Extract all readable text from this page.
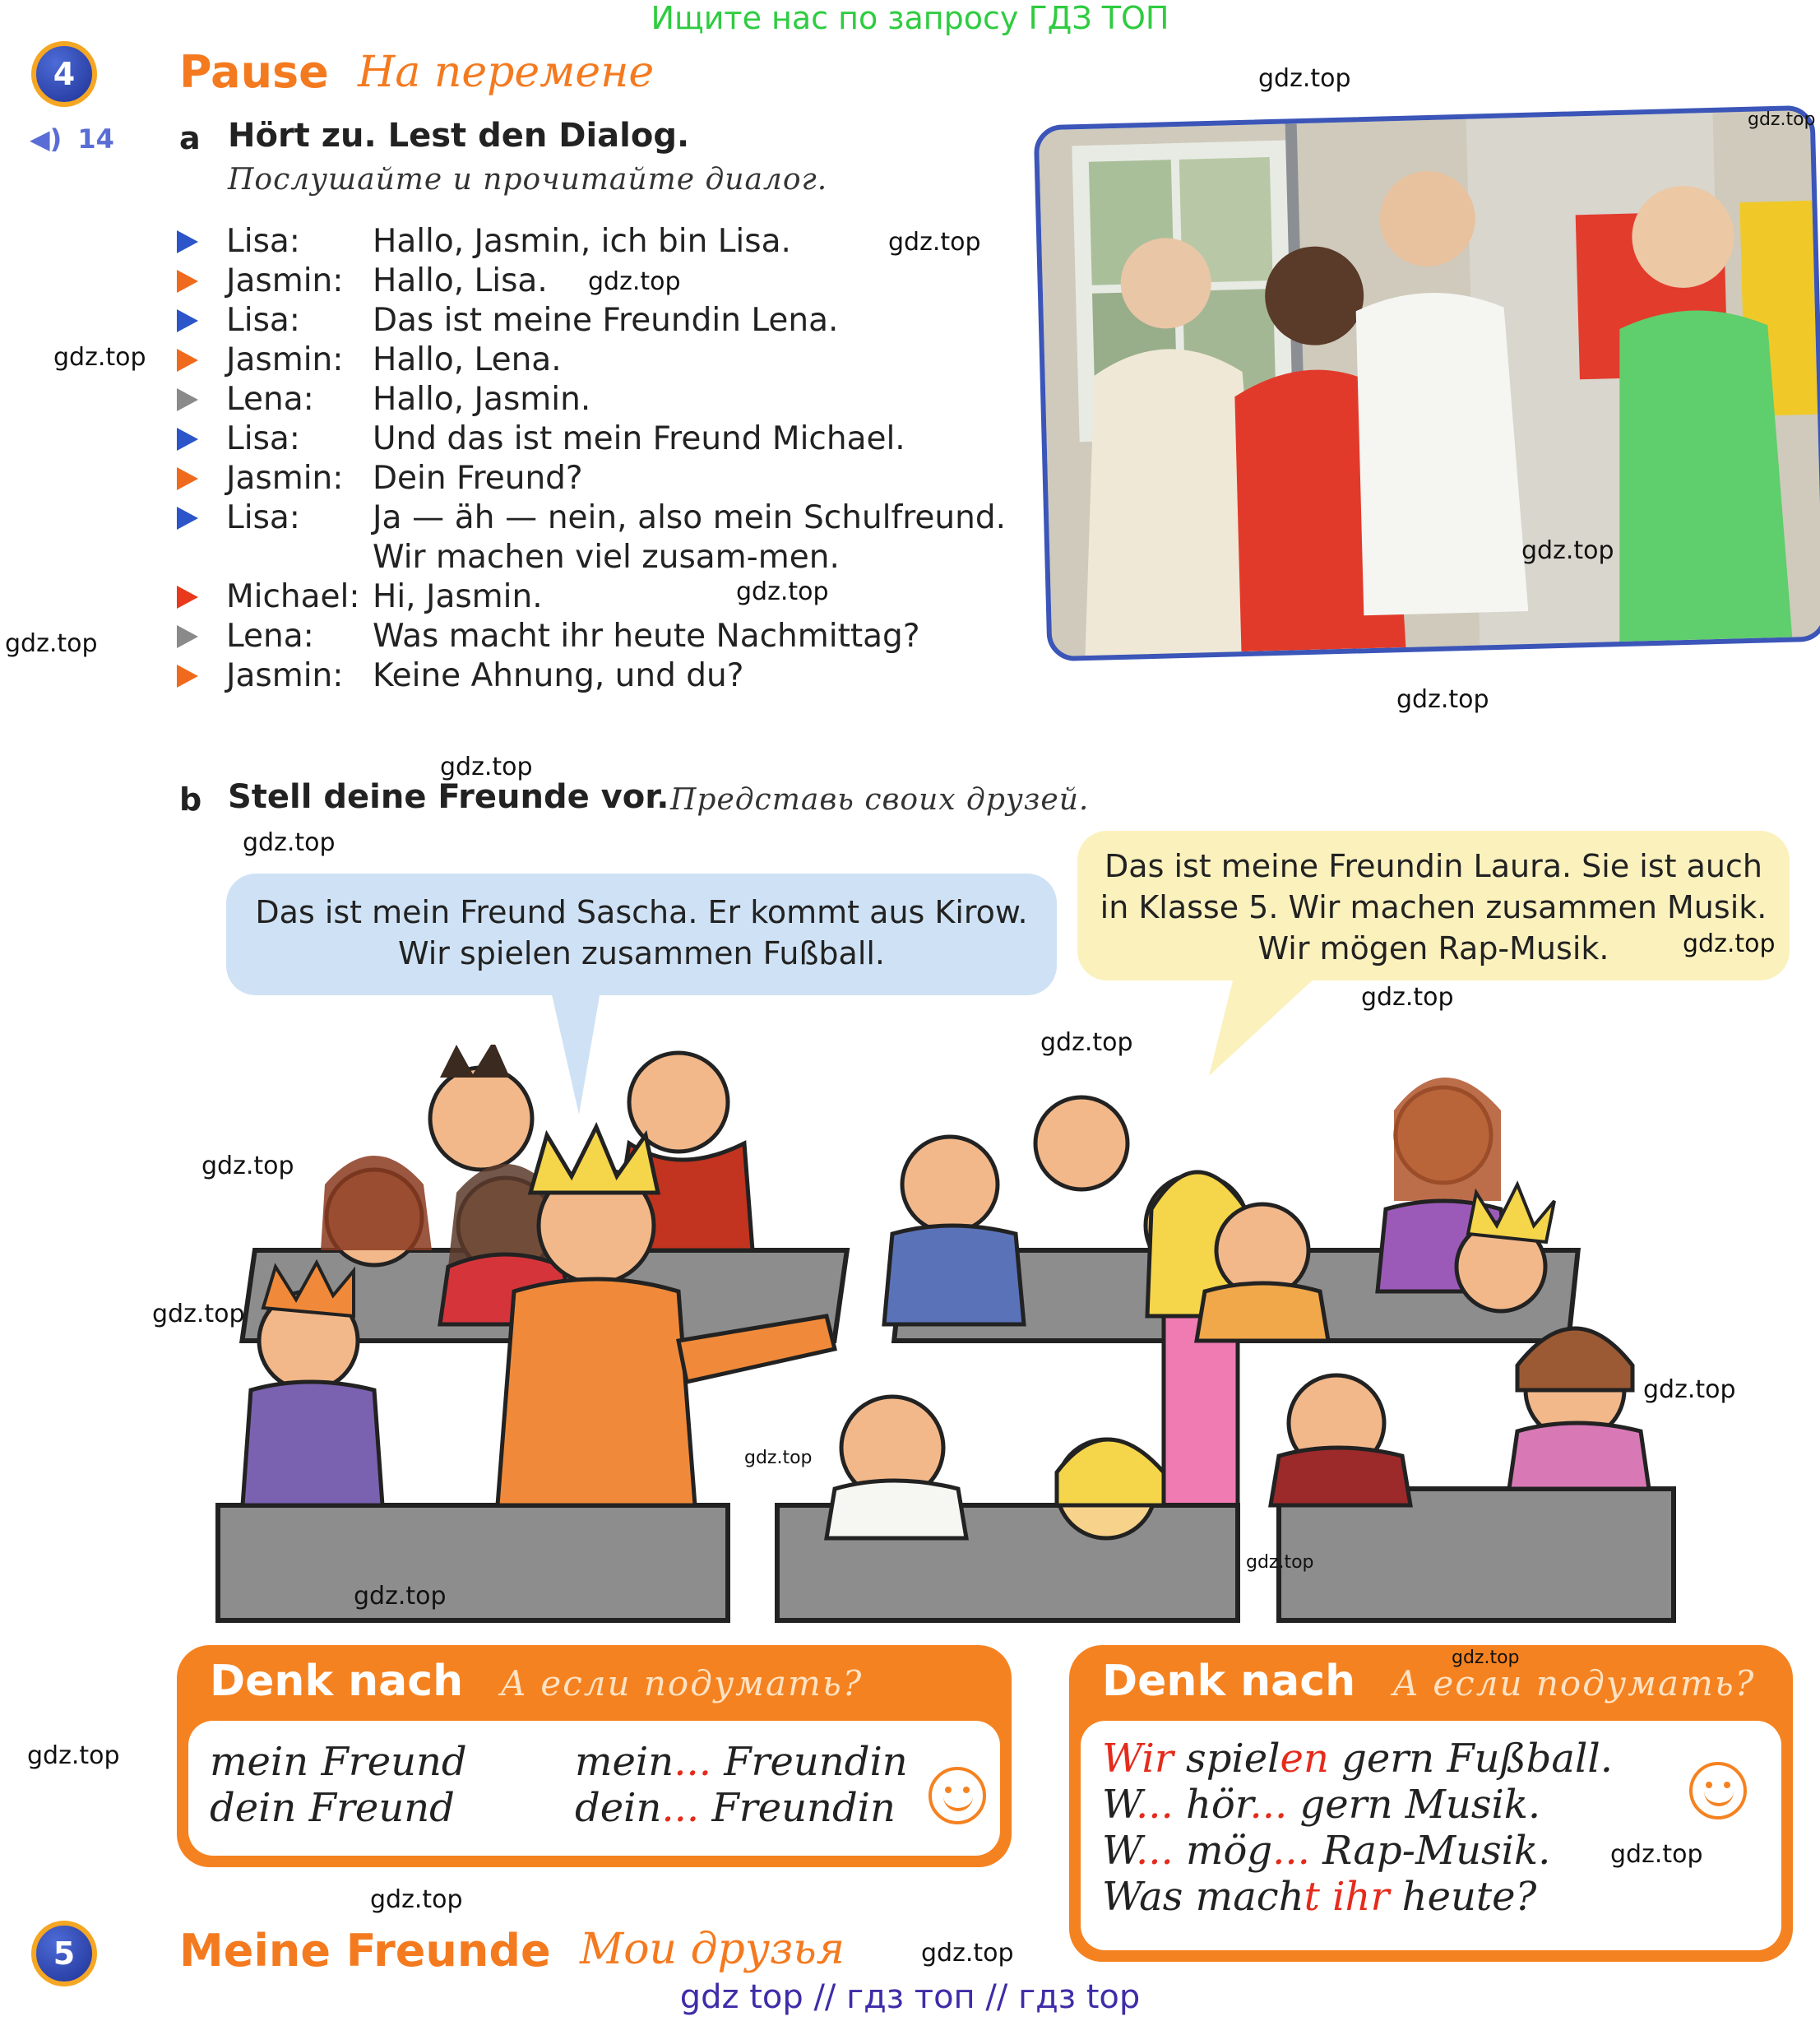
Ищите нас по запросу ГДЗ ТОП
gdz top // гдз топ // гдз top
4
◀) 14
Pause На перемене
a Hört zu. Lest den Dialog.
Послушайте и прочитайте диалог.
Lisa:	Hallo, Jasmin, ich bin Lisa.
Jasmin: Hallo, Lisa.
Lisa:	Das ist meine Freundin Lena.
Jasmin: Hallo, Lena.
Lena:	Hallo, Jasmin.
Lisa:	Und das ist mein Freund Michael.
Jasmin: Dein Freund?
Lisa:	Ja — äh — nein, also mein Schulfreund. Wir machen viel zusam-men.
Michael: Hi, Jasmin.
Lena:	Was macht ihr heute Nachmittag?
Jasmin: Keine Ahnung, und du?
b Stell deine Freunde vor. Представь своих друзей.
Das ist mein Freund Sascha. Er kommt aus Kirow.
Wir spielen zusammen Fußball.
Das ist meine Freundin Laura. Sie ist auch
in Klasse 5. Wir machen zusammen Musik.
Wir mögen Rap-Musik.
Denk nach А если подумать?
mein Freund
dein Freund
mein... Freundin
dein... Freundin
Denk nach А если подумать?
Wir spielen gern Fußball.
W... hör... gern Musik.
W... mög... Rap-Musik.
Was macht ihr heute?
5	Meine Freunde Мои друзья
gdz.top
gdz.top
gdz.top
gdz.top
gdz.top
gdz.top
gdz.top
gdz.top
gdz.top
gdz.top
gdz.top
gdz.top
gdz.top
gdz.top
gdz.top
gdz.top
gdz.top
gdz.top
gdz.top
gdz.top
gdz.top
gdz.top
gdz.top
gdz.top
gdz.top
